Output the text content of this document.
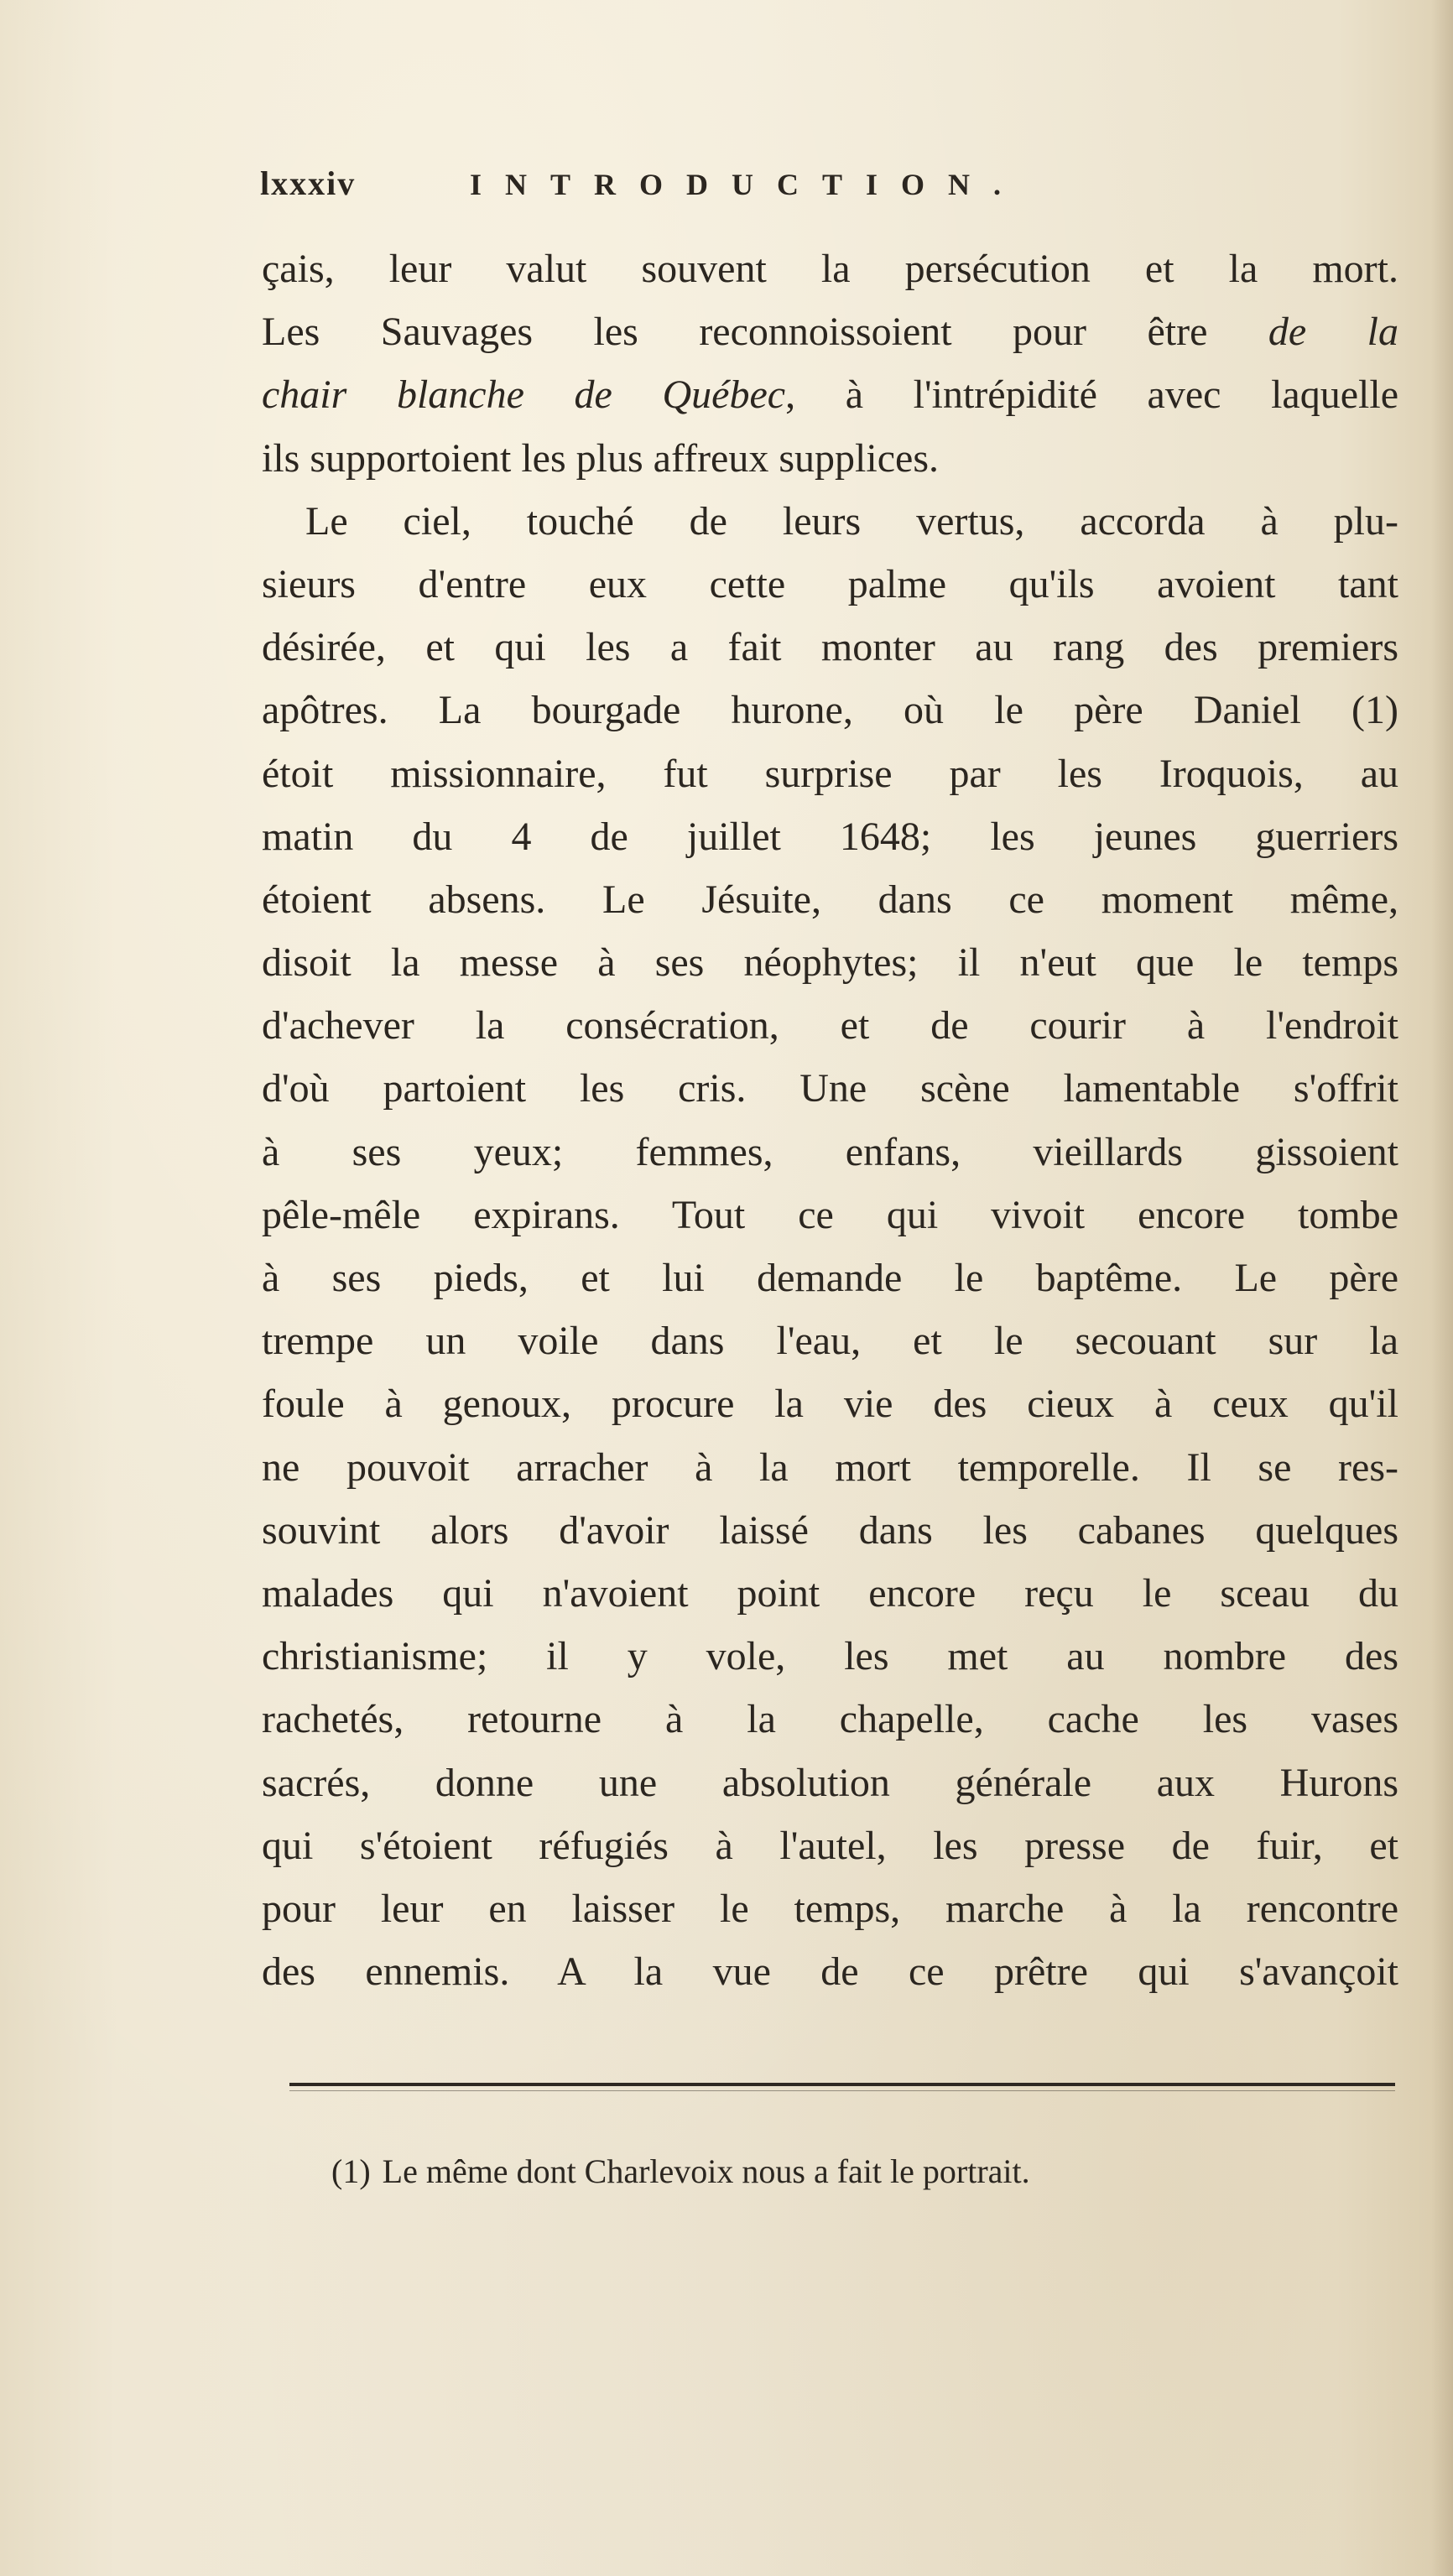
lxxxiv	INTRODUCTION.
çais, leur valut souvent la persécution et la mort.
Les Sauvages les reconnoissoient pour être de la
chair blanche de Québec, à l'intrépidité avec laquelle
ils supportoient les plus affreux supplices.
Le ciel, touché de leurs vertus, accorda à plu-
sieurs d'entre eux cette palme qu'ils avoient tant
désirée, et qui les a fait monter au rang des premiers
apôtres. La bourgade hurone, où le père Daniel (1)
étoit missionnaire, fut surprise par les Iroquois, au
matin du 4 de juillet 1648; les jeunes guerriers
étoient absens. Le Jésuite, dans ce moment même,
disoit la messe à ses néophytes; il n'eut que le temps
d'achever la consécration, et de courir à l'endroit
d'où partoient les cris. Une scène lamentable s'offrit
à ses yeux; femmes, enfans, vieillards gissoient
pêle-mêle expirans. Tout ce qui vivoit encore tombe
à ses pieds, et lui demande le baptême. Le père
trempe un voile dans l'eau, et le secouant sur la
foule à genoux, procure la vie des cieux à ceux qu'il
ne pouvoit arracher à la mort temporelle. Il se res-
souvint alors d'avoir laissé dans les cabanes quelques
malades qui n'avoient point encore reçu le sceau du
christianisme; il y vole, les met au nombre des
rachetés, retourne à la chapelle, cache les vases
sacrés, donne une absolution générale aux Hurons
qui s'étoient réfugiés à l'autel, les presse de fuir, et
pour leur en laisser le temps, marche à la rencontre
des ennemis. A la vue de ce prêtre qui s'avançoit
(1) Le même dont Charlevoix nous a fait le portrait.
